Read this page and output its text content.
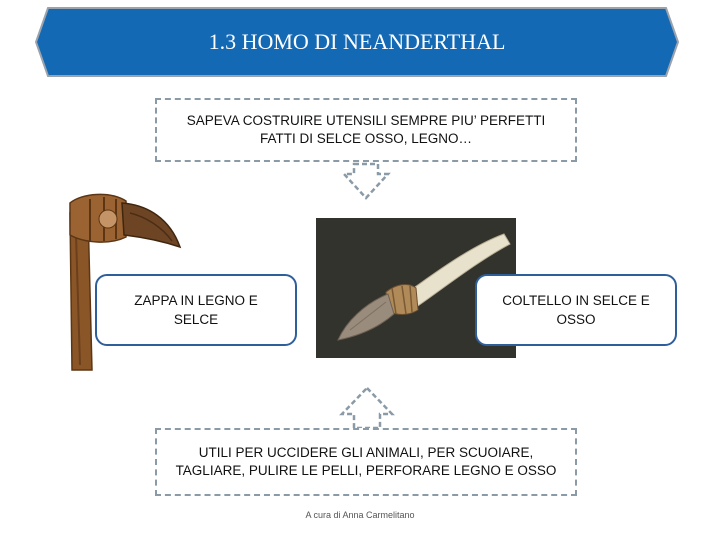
1.3 HOMO DI NEANDERTHAL
SAPEVA COSTRUIRE UTENSILI SEMPRE PIU’ PERFETTI FATTI DI SELCE OSSO, LEGNO…
ZAPPA IN LEGNO E SELCE
COLTELLO IN SELCE E OSSO
UTILI PER UCCIDERE GLI ANIMALI, PER SCUOIARE, TAGLIARE, PULIRE LE PELLI, PERFORARE LEGNO E OSSO
A cura di Anna Carmelitano
